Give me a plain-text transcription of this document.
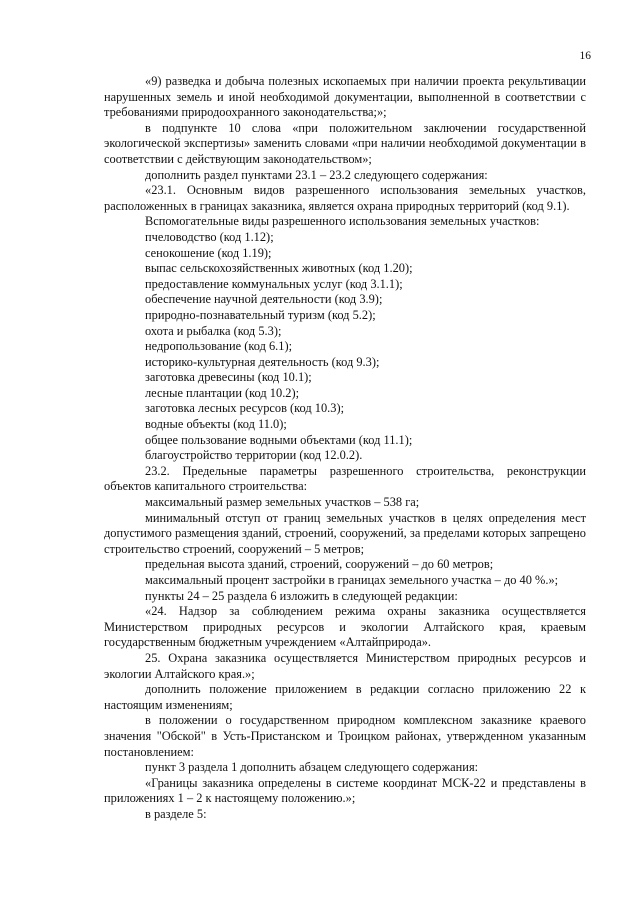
16

«9) разведка и добыча полезных ископаемых при наличии проекта рекультивации нарушенных земель и иной необходимой документации, выполненной в соответствии с требованиями природоохранного законодательства;»;

в подпункте 10 слова «при положительном заключении государственной экологической экспертизы» заменить словами «при наличии необходимой документации в соответствии с действующим законодательством»;

дополнить раздел пунктами 23.1 – 23.2 следующего содержания:

«23.1. Основным видов разрешенного использования земельных участков, расположенных в границах заказника, является охрана природных территорий (код 9.1).

Вспомогательные виды разрешенного использования земельных участков:

пчеловодство (код 1.12);
сенокошение (код 1.19);
выпас сельскохозяйственных животных (код 1.20);
предоставление коммунальных услуг (код 3.1.1);
обеспечение научной деятельности (код 3.9);
природно-познавательный туризм (код 5.2);
охота и рыбалка (код 5.3);
недропользование (код 6.1);
историко-культурная деятельность (код 9.3);
заготовка древесины (код 10.1);
лесные плантации (код 10.2);
заготовка лесных ресурсов (код 10.3);
водные объекты (код 11.0);
общее пользование водными объектами (код 11.1);
благоустройство территории (код 12.0.2).

23.2. Предельные параметры разрешенного строительства, реконструкции объектов капитального строительства:

максимальный размер земельных участков – 538 га;

минимальный отступ от границ земельных участков в целях определения мест допустимого размещения зданий, строений, сооружений, за пределами которых запрещено строительство строений, сооружений – 5 метров;

предельная высота зданий, строений, сооружений – до 60 метров;

максимальный процент застройки в границах земельного участка – до 40 %.»;

пункты 24 – 25 раздела 6 изложить в следующей редакции:

«24. Надзор за соблюдением режима охраны заказника осуществляется Министерством природных ресурсов и экологии Алтайского края, краевым государственным бюджетным учреждением «Алтайприрода».

25. Охрана заказника осуществляется Министерством природных ресурсов и экологии Алтайского края.»;

дополнить положение приложением в редакции согласно приложению 22 к настоящим изменениям;

в положении о государственном природном комплексном заказнике краевого значения "Обской" в Усть-Пристанском и Троицком районах, утвержденном указанным постановлением:

пункт 3 раздела 1 дополнить абзацем следующего содержания:

«Границы заказника определены в системе координат МСК-22 и представлены в приложениях 1 – 2 к настоящему положению.»;

в разделе 5:
